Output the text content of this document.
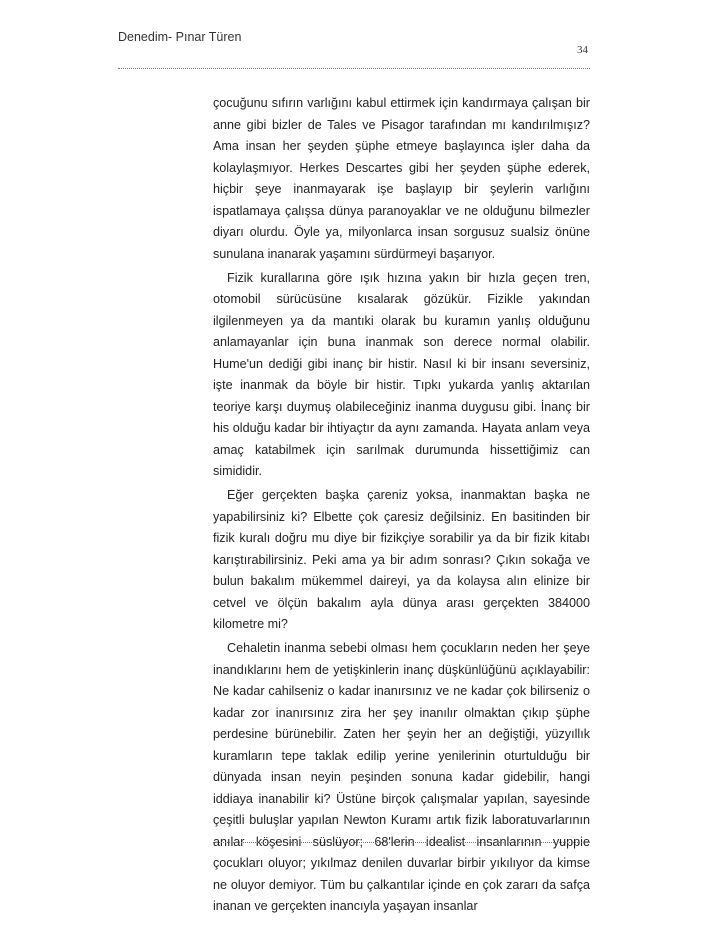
Denedim- Pınar Türen
34

çocuğunu sıfırın varlığını kabul ettirmek için kandırmaya çalışan bir anne gibi bizler de Tales ve Pisagor tarafından mı kandırılmışız? Ama insan her şeyden şüphe etmeye başlayınca işler daha da kolaylaşmıyor. Herkes Descartes gibi her şeyden şüphe ederek, hiçbir şeye inanmayarak işe başlayıp bir şeylerin varlığını ispatlamaya çalışsa dünya paranoyaklar ve ne olduğunu bilmezler diyarı olurdu. Öyle ya, milyonlarca insan sorgusuz sualsiz önüne sunulana inanarak yaşamını sürdürmeyi başarıyor.

Fizik kurallarına göre ışık hızına yakın bir hızla geçen tren, otomobil sürücüsüne kısalarak gözükür. Fizikle yakından ilgilenmeyen ya da mantıki olarak bu kuramın yanlış olduğunu anlamayanlar için buna inanmak son derece normal olabilir. Hume'un dediği gibi inanç bir histir. Nasıl ki bir insanı seversiniz, işte inanmak da böyle bir histir. Tıpkı yukarda yanlış aktarılan teoriye karşı duymuş olabileceğiniz inanma duygusu gibi. İnanç bir his olduğu kadar bir ihtiyaçtır da aynı zamanda. Hayata anlam veya amaç katabilmek için sarılmak durumunda hissettiğimiz can simididir.

Eğer gerçekten başka çareniz yoksa, inanmaktan başka ne yapabilirsiniz ki? Elbette çok çaresiz değilsiniz. En basitinden bir fizik kuralı doğru mu diye bir fizikçiye sorabilir ya da bir fizik kitabı karıştırabilirsiniz. Peki ama ya bir adım sonrası? Çıkın sokağa ve bulun bakalım mükemmel daireyi, ya da kolaysa alın elinize bir cetvel ve ölçün bakalım ayla dünya arası gerçekten 384000 kilometre mi?

Cehaletin inanma sebebi olması hem çocukların neden her şeye inandıklarını hem de yetişkinlerin inanç düşkünlüğünü açıklayabilir: Ne kadar cahilseniz o kadar inanırsınız ve ne kadar çok bilirseniz o kadar zor inanırsınız zira her şey inanılır olmaktan çıkıp şüphe perdesine bürünebilir. Zaten her şeyin her an değiştiği, yüzyıllık kuramların tepe taklak edilip yerine yenilerinin oturtulduğu bir dünyada insan neyin peşinden sonuna kadar gidebilir, hangi iddiaya inanabilir ki? Üstüne birçok çalışmalar yapılan, sayesinde çeşitli buluşlar yapılan Newton Kuramı artık fizik laboratuvarlarının anılar köşesini süslüyor; 68'lerin idealist insanlarının yuppie çocukları oluyor; yıkılmaz denilen duvarlar birbir yıkılıyor da kimse ne oluyor demiyor. Tüm bu çalkantılar içinde en çok zararı da safça inanan ve gerçekten inancıyla yaşayan insanlar
